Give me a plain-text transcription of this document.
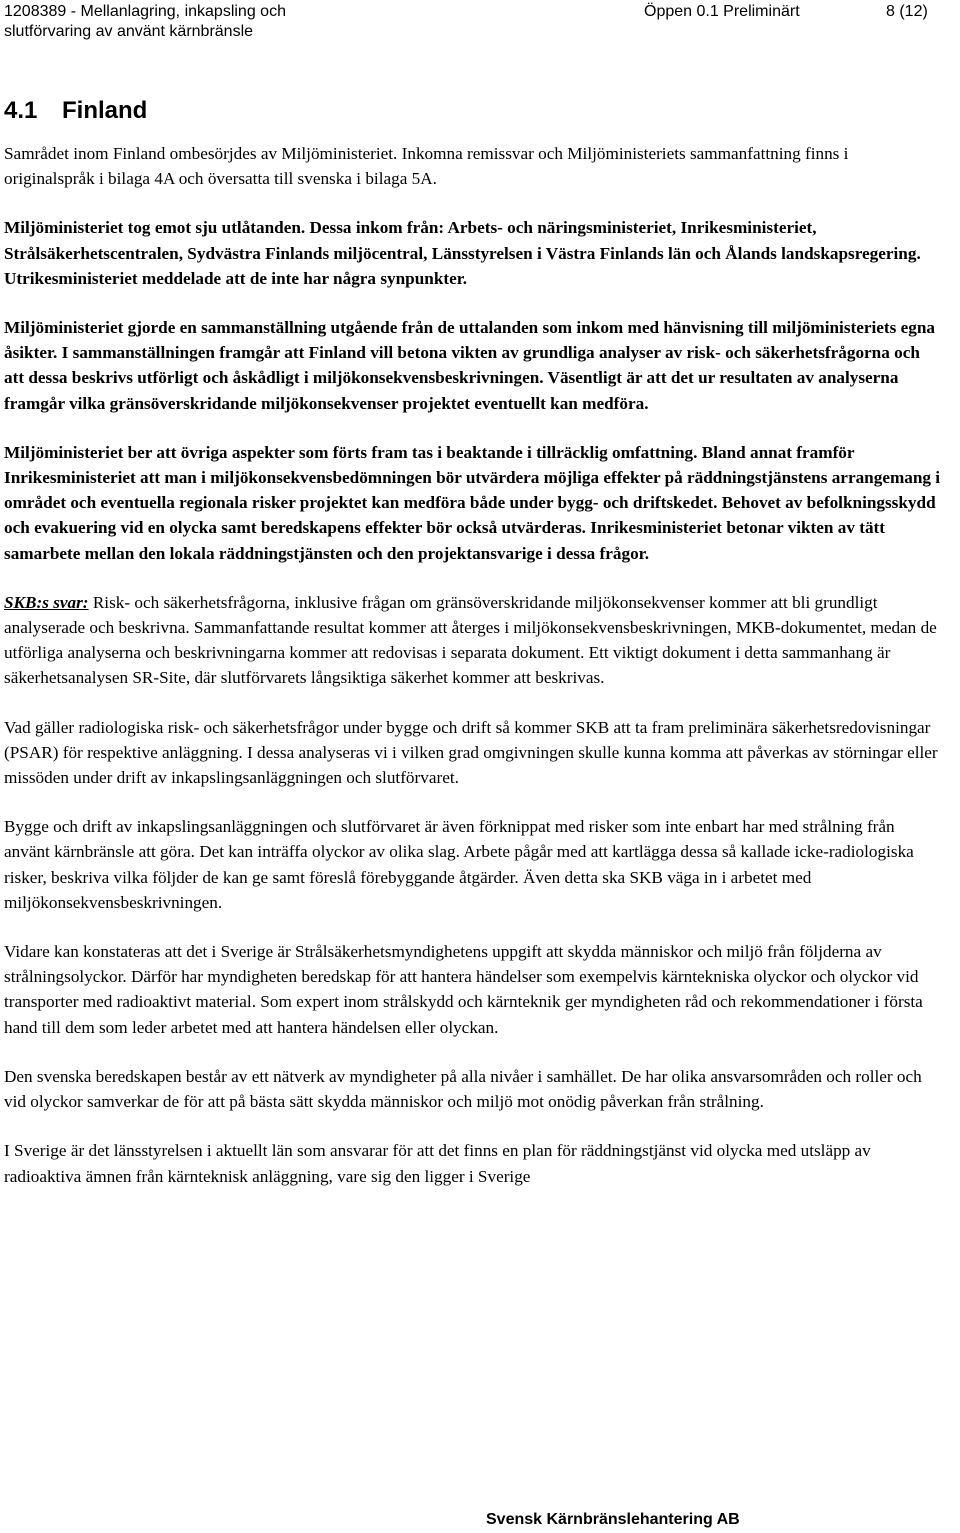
1208389 - Mellanlagring, inkapsling och
slutförvaring av använt kärnbränsle
Öppen 0.1 Preliminärt	8 (12)
4.1 Finland

Samrådet inom Finland ombesörjdes av Miljöministeriet. Inkomna remissvar och Miljöministeriets sammanfattning finns i originalspråk i bilaga 4A och översatta till svenska i bilaga 5A.

Miljöministeriet tog emot sju utlåtanden. Dessa inkom från: Arbets- och näringsministeriet, Inrikesministeriet, Strålsäkerhetscentralen, Sydvästra Finlands miljöcentral, Länsstyrelsen i Västra Finlands län och Ålands landskapsregering. Utrikesministeriet meddelade att de inte har några synpunkter.

Miljöministeriet gjorde en sammanställning utgående från de uttalanden som inkom med hänvisning till miljöministeriets egna åsikter. I sammanställningen framgår att Finland vill betona vikten av grundliga analyser av risk- och säkerhetsfrågorna och att dessa beskrivs utförligt och åskådligt i miljökonsekvensbeskrivningen. Väsentligt är att det ur resultaten av analyserna framgår vilka gränsöverskridande miljökonsekvenser projektet eventuellt kan medföra.

Miljöministeriet ber att övriga aspekter som förts fram tas i beaktande i tillräcklig omfattning. Bland annat framför Inrikesministeriet att man i miljökonsekvensbedömningen bör utvärdera möjliga effekter på räddningstjänstens arrangemang i området och eventuella regionala risker projektet kan medföra både under bygg- och driftskedet. Behovet av befolkningsskydd och evakuering vid en olycka samt beredskapens effekter bör också utvärderas. Inrikesministeriet betonar vikten av tätt samarbete mellan den lokala räddningstjänsten och den projektansvarige i dessa frågor.

SKB:s svar: Risk- och säkerhetsfrågorna, inklusive frågan om gränsöverskridande miljökonsekvenser kommer att bli grundligt analyserade och beskrivna. Sammanfattande resultat kommer att återges i miljökonsekvensbeskrivningen, MKB-dokumentet, medan de utförliga analyserna och beskrivningarna kommer att redovisas i separata dokument. Ett viktigt dokument i detta sammanhang är säkerhetsanalysen SR-Site, där slutförvarets långsiktiga säkerhet kommer att beskrivas.

Vad gäller radiologiska risk- och säkerhetsfrågor under bygge och drift så kommer SKB att ta fram preliminära säkerhetsredovisningar (PSAR) för respektive anläggning. I dessa analyseras vi i vilken grad omgivningen skulle kunna komma att påverkas av störningar eller missöden under drift av inkapslingsanläggningen och slutförvaret.

Bygge och drift av inkapslingsanläggningen och slutförvaret är även förknippat med risker som inte enbart har med strålning från använt kärnbränsle att göra. Det kan inträffa olyckor av olika slag. Arbete pågår med att kartlägga dessa så kallade icke-radiologiska risker, beskriva vilka följder de kan ge samt föreslå förebyggande åtgärder. Även detta ska SKB väga in i arbetet med miljökonsekvensbeskrivningen.

Vidare kan konstateras att det i Sverige är Strålsäkerhetsmyndighetens uppgift att skydda människor och miljö från följderna av strålningsolyckor. Därför har myndigheten beredskap för att hantera händelser som exempelvis kärntekniska olyckor och olyckor vid transporter med radioaktivt material. Som expert inom strålskydd och kärnteknik ger myndigheten råd och rekommendationer i första hand till dem som leder arbetet med att hantera händelsen eller olyckan.

Den svenska beredskapen består av ett nätverk av myndigheter på alla nivåer i samhället. De har olika ansvarsområden och roller och vid olyckor samverkar de för att på bästa sätt skydda människor och miljö mot onödig påverkan från strålning.

I Sverige är det länsstyrelsen i aktuellt län som ansvarar för att det finns en plan för räddningstjänst vid olycka med utsläpp av radioaktiva ämnen från kärnteknisk anläggning, vare sig den ligger i Sverige

Svensk Kärnbränslehantering AB
